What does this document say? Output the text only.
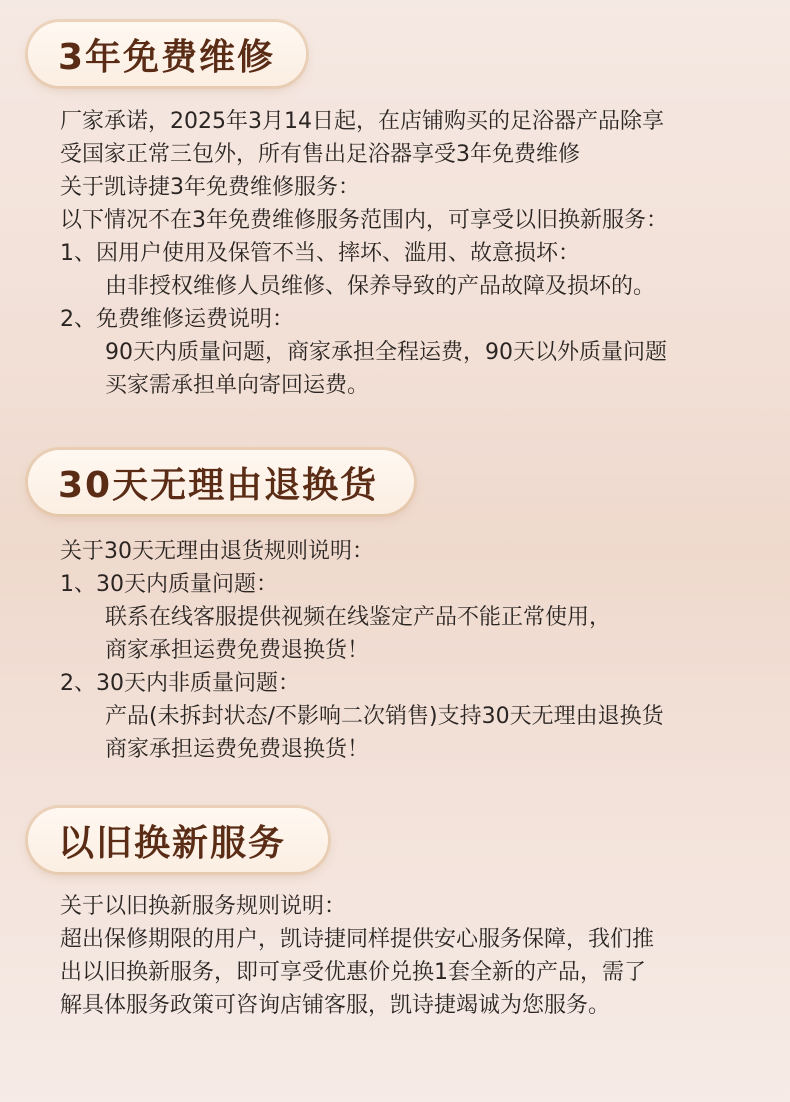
3年免费维修
厂家承诺，2025年3月14日起，在店铺购买的足浴器产品除享
受国家正常三包外，所有售出足浴器享受3年免费维修
关于凯诗捷3年免费维修服务：
以下情况不在3年免费维修服务范围内，可享受以旧换新服务：
1、因用户使用及保管不当、摔坏、滥用、故意损坏：
由非授权维修人员维修、保养导致的产品故障及损坏的。
2、免费维修运费说明：
90天内质量问题，商家承担全程运费，90天以外质量问题
买家需承担单向寄回运费。
30天无理由退换货
关于30天无理由退货规则说明：
1、30天内质量问题：
联系在线客服提供视频在线鉴定产品不能正常使用，
商家承担运费免费退换货！
2、30天内非质量问题：
产品(未拆封状态/不影响二次销售)支持30天无理由退换货
商家承担运费免费退换货！
以旧换新服务
关于以旧换新服务规则说明：
超出保修期限的用户，凯诗捷同样提供安心服务保障，我们推
出以旧换新服务，即可享受优惠价兑换1套全新的产品，需了
解具体服务政策可咨询店铺客服，凯诗捷竭诚为您服务。
